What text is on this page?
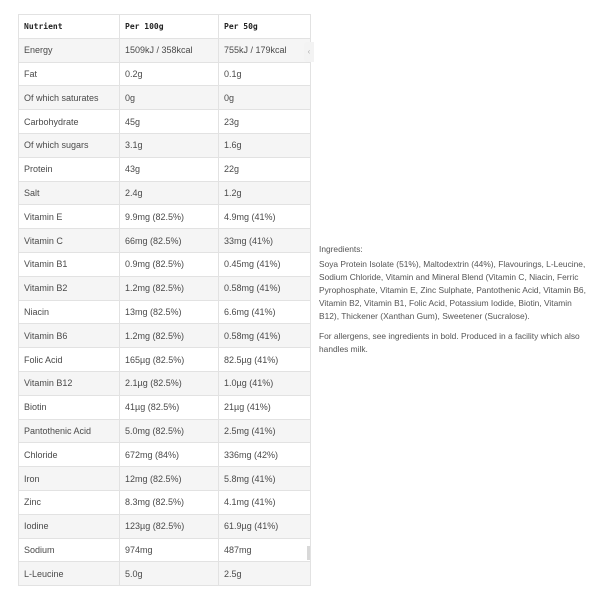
Nutrient	Per 100g	Per 50g
Energy	1509kJ / 358kcal	755kJ / 179kcal
Fat	0.2g	0.1g
Of which saturates	0g	0g
Carbohydrate	45g	23g
Of which sugars	3.1g	1.6g
Protein	43g	22g
Salt	2.4g	1.2g
Vitamin E	9.9mg (82.5%)	4.9mg (41%)
Vitamin C	66mg (82.5%)	33mg (41%)
Vitamin B1	0.9mg (82.5%)	0.45mg (41%)
Vitamin B2	1.2mg (82.5%)	0.58mg (41%)
Niacin	13mg (82.5%)	6.6mg (41%)
Vitamin B6	1.2mg (82.5%)	0.58mg (41%)
Folic Acid	165µg (82.5%)	82.5µg (41%)
Vitamin B12	2.1µg (82.5%)	1.0µg (41%)
Biotin	41µg (82.5%)	21µg (41%)
Pantothenic Acid	5.0mg (82.5%)	2.5mg (41%)
Chloride	672mg (84%)	336mg (42%)
Iron	12mg (82.5%)	5.8mg (41%)
Zinc	8.3mg (82.5%)	4.1mg (41%)
Iodine	123µg (82.5%)	61.9µg (41%)
Sodium	974mg	487mg
L-Leucine	5.0g	2.5g
‹

Ingredients:

Soya Protein Isolate (51%), Maltodextrin (44%), Flavourings, L-Leucine, Sodium Chloride, Vitamin and Mineral Blend (Vitamin C, Niacin, Ferric Pyrophosphate, Vitamin E, Zinc Sulphate, Pantothenic Acid, Vitamin B6, Vitamin B2, Vitamin B1, Folic Acid, Potassium Iodide, Biotin, Vitamin B12), Thickener (Xanthan Gum), Sweetener (Sucralose).

For allergens, see ingredients in bold. Produced in a facility which also handles milk.
